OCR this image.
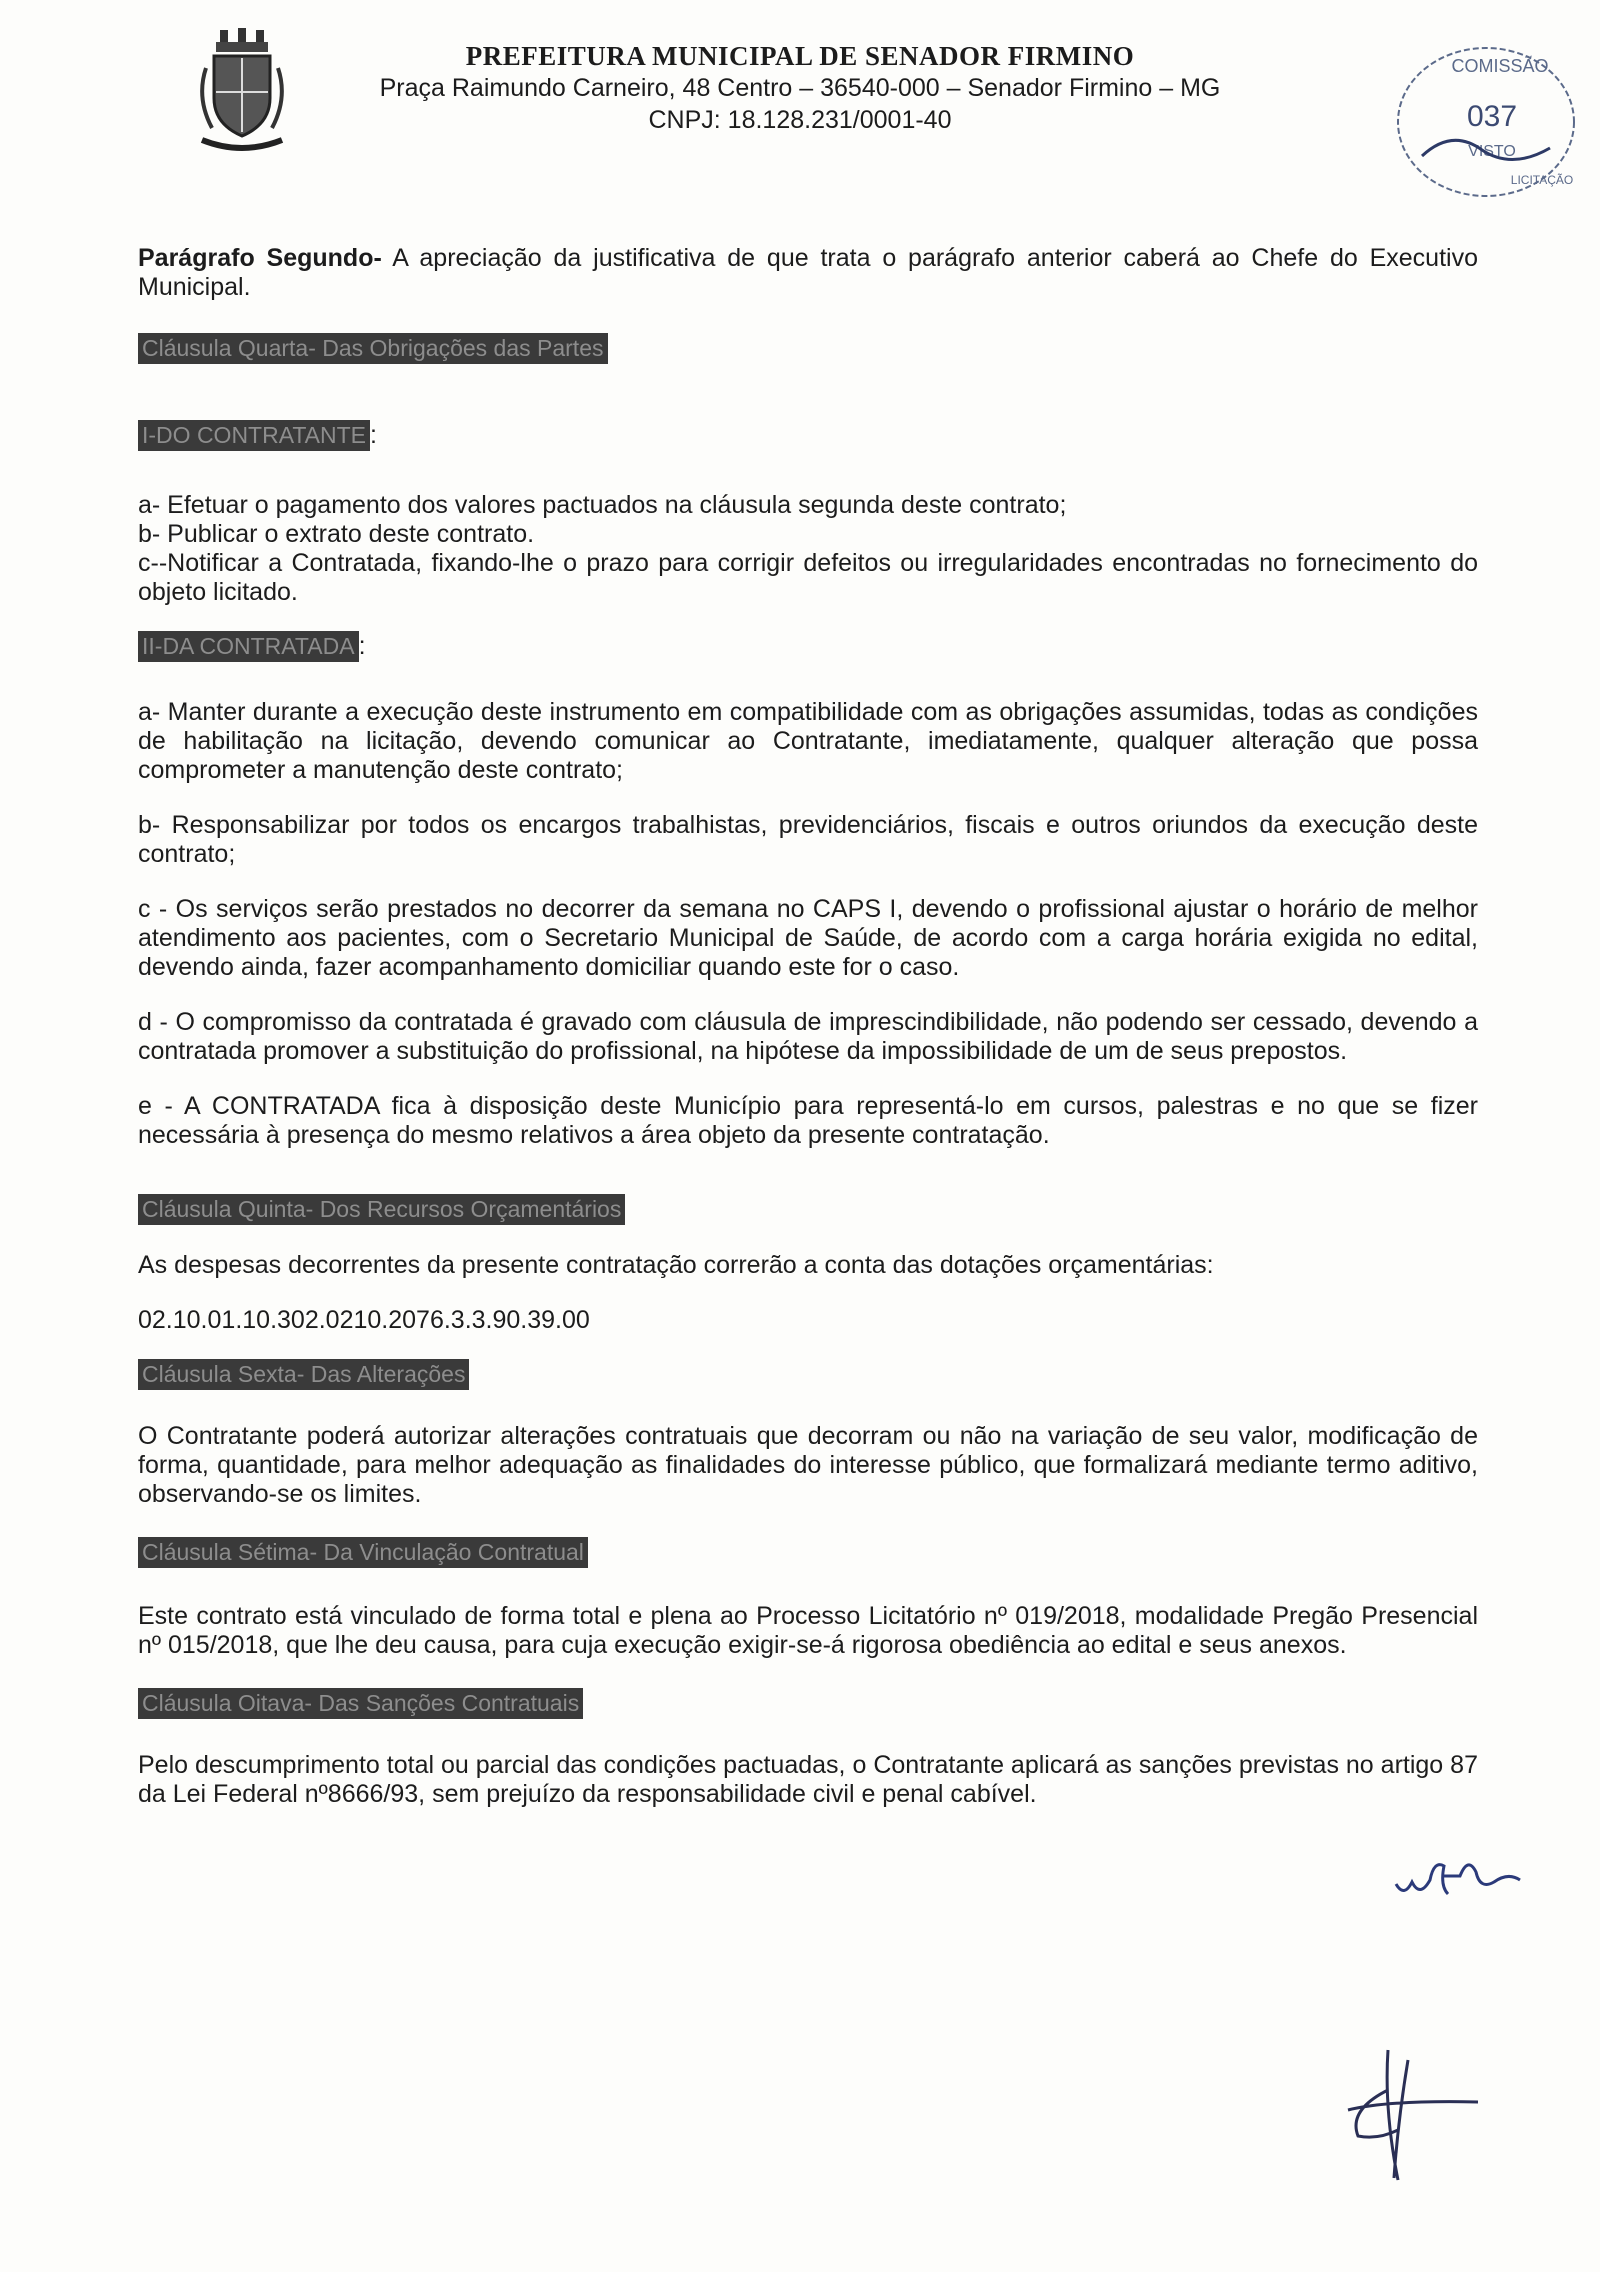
PREFEITURA MUNICIPAL DE SENADOR FIRMINO
Praça Raimundo Carneiro, 48 Centro – 36540-000 – Senador Firmino – MG
CNPJ: 18.128.231/0001-40
COMISSÃO
037
VISTO
LICITAÇÃO

Parágrafo Segundo- A apreciação da justificativa de que trata o parágrafo anterior caberá ao Chefe do Executivo Municipal.

Cláusula Quarta- Das Obrigações das Partes
I-DO CONTRATANTE :

a- Efetuar o pagamento dos valores pactuados na cláusula segunda deste contrato;

b- Publicar o extrato deste contrato.

c--Notificar a Contratada, fixando-lhe o prazo para corrigir defeitos ou irregularidades encontradas no fornecimento do objeto licitado.

II-DA CONTRATADA :

a- Manter durante a execução deste instrumento em compatibilidade com as obrigações assumidas, todas as condições de habilitação na licitação, devendo comunicar ao Contratante, imediatamente, qualquer alteração que possa comprometer a manutenção deste contrato;

b- Responsabilizar por todos os encargos trabalhistas, previdenciários, fiscais e outros oriundos da execução deste contrato;

c - Os serviços serão prestados no decorrer da semana no CAPS I, devendo o profissional ajustar o horário de melhor atendimento aos pacientes, com o Secretario Municipal de Saúde, de acordo com a carga horária exigida no edital, devendo ainda, fazer acompanhamento domiciliar quando este for o caso.

d - O compromisso da contratada é gravado com cláusula de imprescindibilidade, não podendo ser cessado, devendo a contratada promover a substituição do profissional, na hipótese da impossibilidade de um de seus prepostos.

e - A CONTRATADA fica à disposição deste Município para representá-lo em cursos, palestras e no que se fizer necessária à presença do mesmo relativos a área objeto da presente contratação.

Cláusula Quinta- Dos Recursos Orçamentários

As despesas decorrentes da presente contratação correrão a conta das dotações orçamentárias:

02.10.01.10.302.0210.2076.3.3.90.39.00

Cláusula Sexta- Das Alterações

O Contratante poderá autorizar alterações contratuais que decorram ou não na variação de seu valor, modificação de forma, quantidade, para melhor adequação as finalidades do interesse público, que formalizará mediante termo aditivo, observando-se os limites.

Cláusula Sétima- Da Vinculação Contratual

Este contrato está vinculado de forma total e plena ao Processo Licitatório nº 019/2018, modalidade Pregão Presencial nº 015/2018, que lhe deu causa, para cuja execução exigir-se-á rigorosa obediência ao edital e seus anexos.

Cláusula Oitava- Das Sanções Contratuais

Pelo descumprimento total ou parcial das condições pactuadas, o Contratante aplicará as sanções previstas no artigo 87 da Lei Federal nº8666/93, sem prejuízo da responsabilidade civil e penal cabível.
